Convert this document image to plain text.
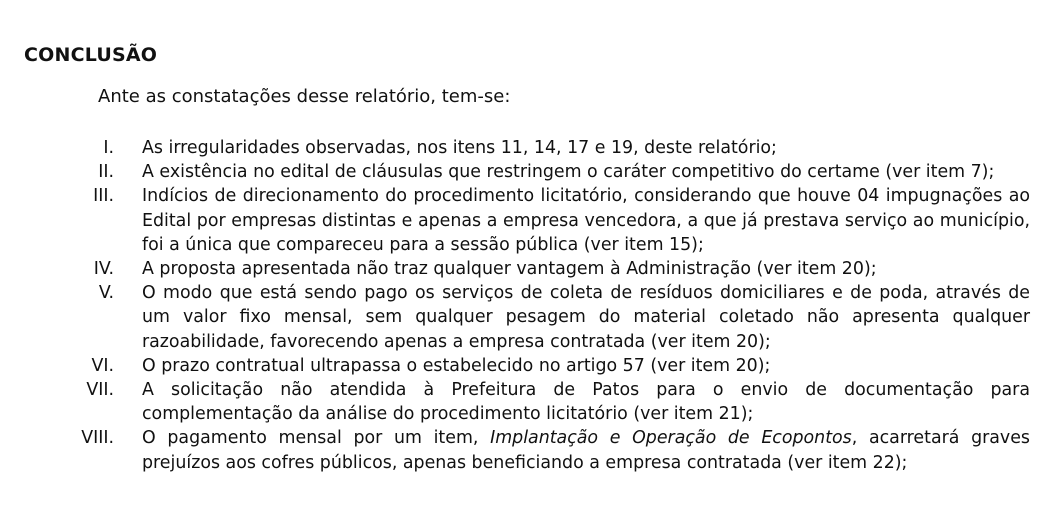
CONCLUSÃO

Ante as constatações desse relatório, tem-se:

I. As irregularidades observadas, nos itens 11, 14, 17 e 19, deste relatório;
II. A existência no edital de cláusulas que restringem o caráter competitivo do certame (ver item 7);
III. Indícios de direcionamento do procedimento licitatório, considerando que houve 04 impugnações ao Edital por empresas distintas e apenas a empresa vencedora, a que já prestava serviço ao município, foi a única que compareceu para a sessão pública (ver item 15);
IV. A proposta apresentada não traz qualquer vantagem à Administração (ver item 20);
V. O modo que está sendo pago os serviços de coleta de resíduos domiciliares e de poda, através de um valor fixo mensal, sem qualquer pesagem do material coletado não apresenta qualquer razoabilidade, favorecendo apenas a empresa contratada (ver item 20);
VI. O prazo contratual ultrapassa o estabelecido no artigo 57 (ver item 20);
VII. A solicitação não atendida à Prefeitura de Patos para o envio de documentação para complementação da análise do procedimento licitatório (ver item 21);
VIII. O pagamento mensal por um item, Implantação e Operação de Ecopontos, acarretará graves prejuízos aos cofres públicos, apenas beneficiando a empresa contratada (ver item 22);
